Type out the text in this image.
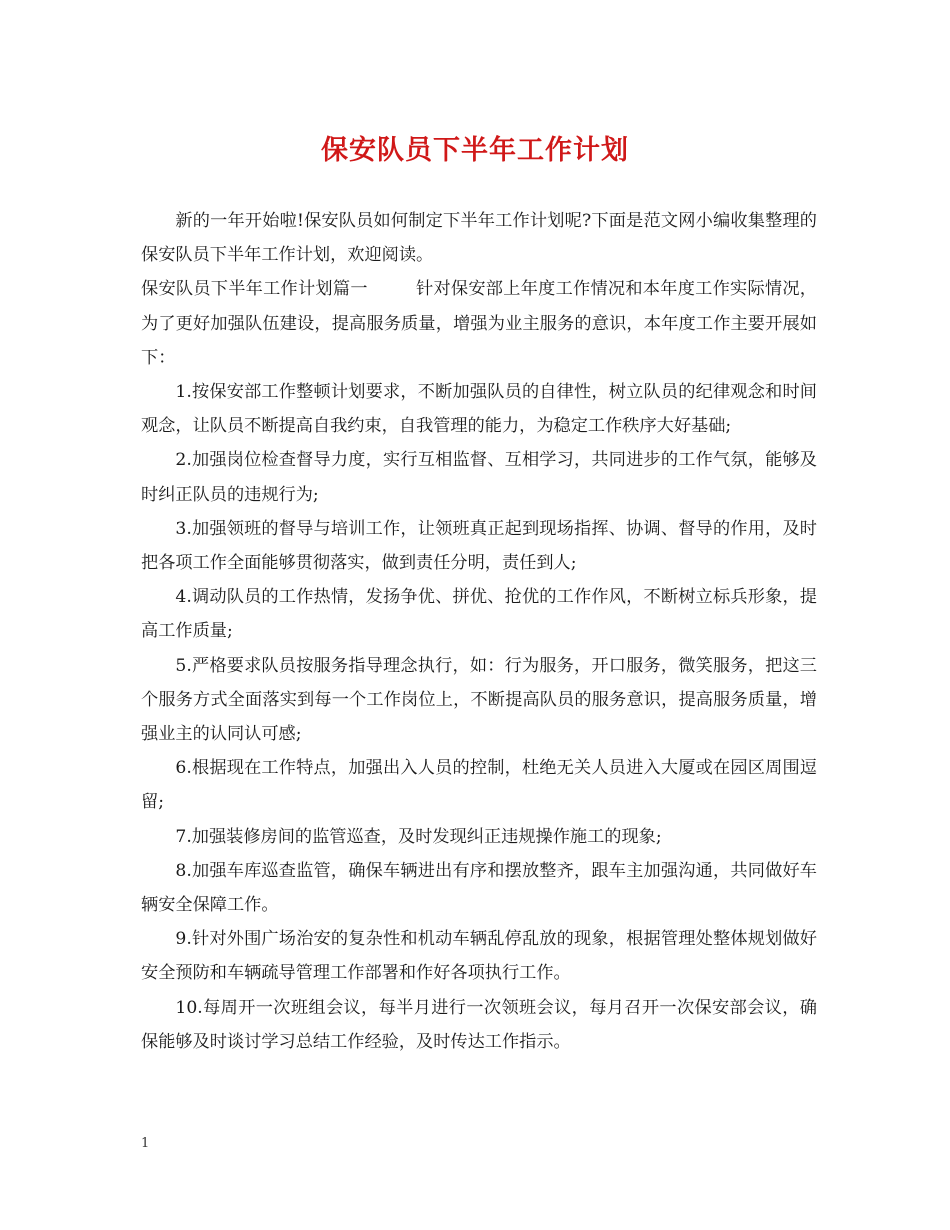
保安队员下半年工作计划

新的一年开始啦!保安队员如何制定下半年工作计划呢?下面是范文网小编收集整理的保安队员下半年工作计划，欢迎阅读。

保安队员下半年工作计划篇一	针对保安部上年度工作情况和本年度工作实际情况，为了更好加强队伍建设，提高服务质量，增强为业主服务的意识，本年度工作主要开展如下：

1.按保安部工作整顿计划要求，不断加强队员的自律性，树立队员的纪律观念和时间观念，让队员不断提高自我约束，自我管理的能力，为稳定工作秩序大好基础;

2.加强岗位检查督导力度，实行互相监督、互相学习，共同进步的工作气氛，能够及时纠正队员的违规行为;

3.加强领班的督导与培训工作，让领班真正起到现场指挥、协调、督导的作用，及时把各项工作全面能够贯彻落实，做到责任分明，责任到人;

4.调动队员的工作热情，发扬争优、拼优、抢优的工作作风，不断树立标兵形象，提高工作质量;

5.严格要求队员按服务指导理念执行，如：行为服务，开口服务，微笑服务，把这三个服务方式全面落实到每一个工作岗位上，不断提高队员的服务意识，提高服务质量，增强业主的认同认可感;

6.根据现在工作特点，加强出入人员的控制，杜绝无关人员进入大厦或在园区周围逗留;

7.加强装修房间的监管巡查，及时发现纠正违规操作施工的现象;

8.加强车库巡查监管，确保车辆进出有序和摆放整齐，跟车主加强沟通，共同做好车辆安全保障工作。

9.针对外围广场治安的复杂性和机动车辆乱停乱放的现象，根据管理处整体规划做好安全预防和车辆疏导管理工作部署和作好各项执行工作。

10.每周开一次班组会议，每半月进行一次领班会议，每月召开一次保安部会议，确保能够及时谈讨学习总结工作经验，及时传达工作指示。

1
